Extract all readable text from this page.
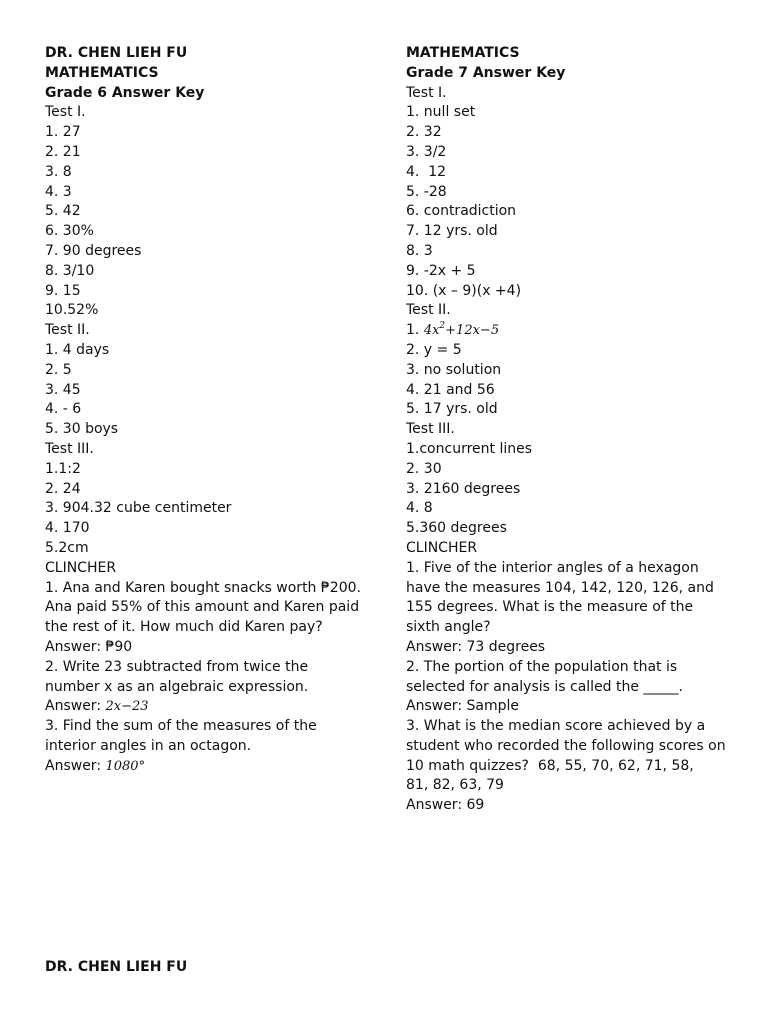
DR. CHEN LIEH FU
MATHEMATICS
Grade 6 Answer Key
Test I.
1. 27
2. 21
3. 8
4. 3
5. 42
6. 30%
7. 90 degrees
8. 3/10
9. 15
10.52%
Test II.
1. 4 days
2. 5
3. 45
4. - 6
5. 30 boys
Test III.
1.1:2
2. 24
3. 904.32 cube centimeter
4. 170
5.2cm
CLINCHER
1. Ana and Karen bought snacks worth ₱200.
Ana paid 55% of this amount and Karen paid
the rest of it. How much did Karen pay?
Answer: ₱90
2. Write 23 subtracted from twice the
number x as an algebraic expression.
Answer: 2x−23
3. Find the sum of the measures of the
interior angles in an octagon.
Answer: 1080°
MATHEMATICS
Grade 7 Answer Key
Test I.
1. null set
2. 32
3. 3/2
4.  12
5. -28
6. contradiction
7. 12 yrs. old
8. 3
9. -2x + 5
10. (x – 9)(x +4)
Test II.
1. $4x^2+12x-5$
2. y = 5
3. no solution
4. 21 and 56
5. 17 yrs. old
Test III.
1.concurrent lines
2. 30
3. 2160 degrees
4. 8
5.360 degrees
CLINCHER
1. Five of the interior angles of a hexagon
have the measures 104, 142, 120, 126, and
155 degrees. What is the measure of the
sixth angle?
Answer: 73 degrees
2. The portion of the population that is
selected for analysis is called the _____.
Answer: Sample
3. What is the median score achieved by a
student who recorded the following scores on
10 math quizzes?  68, 55, 70, 62, 71, 58,
81, 82, 63, 79
Answer: 69
DR. CHEN LIEH FU
